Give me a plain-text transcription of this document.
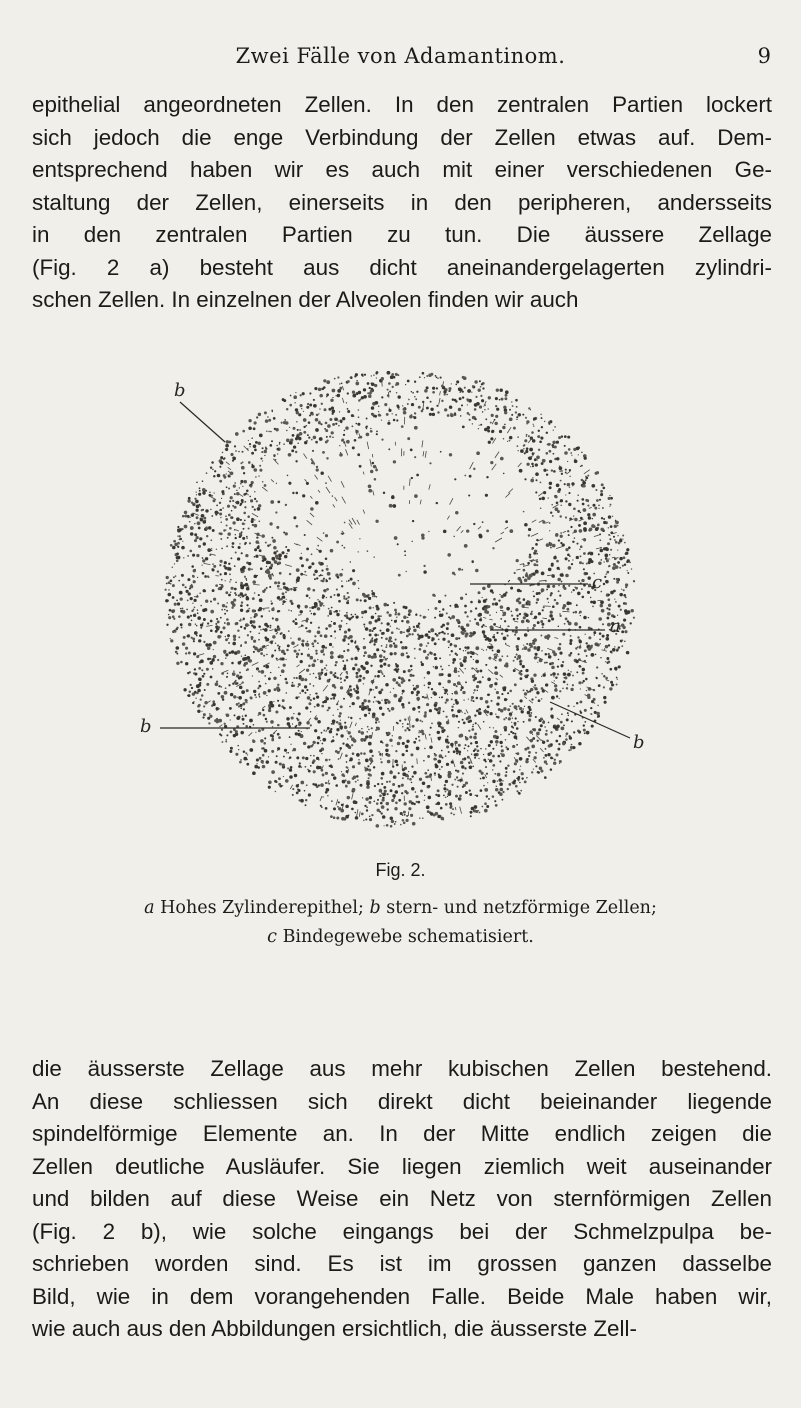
Zwei Fälle von Adamantinom.	9

epithelial angeordneten Zellen. In den zentralen Partien lockert
sich jedoch die enge Verbindung der Zellen etwas auf. Dem-
entsprechend haben wir es auch mit einer verschiedenen Ge-
staltung der Zellen, einerseits in den peripheren, andersseits
in den zentralen Partien zu tun. Die äussere Zellage
(Fig. 2 a) besteht aus dicht aneinandergelagerten zylindri-
schen Zellen. In einzelnen der Alveolen finden wir auch

b
c
a
b
b
Fig. 2.
a Hohes Zylinderepithel; b stern- und netzförmige Zellen;
c Bindegewebe schematisiert.

die äusserste Zellage aus mehr kubischen Zellen bestehend.
An diese schliessen sich direkt dicht beieinander liegende
spindelförmige Elemente an. In der Mitte endlich zeigen die
Zellen deutliche Ausläufer. Sie liegen ziemlich weit auseinander
und bilden auf diese Weise ein Netz von sternförmigen Zellen
(Fig. 2 b), wie solche eingangs bei der Schmelzpulpa be-
schrieben worden sind. Es ist im grossen ganzen dasselbe
Bild, wie in dem vorangehenden Falle. Beide Male haben wir,
wie auch aus den Abbildungen ersichtlich, die äusserste Zell-
